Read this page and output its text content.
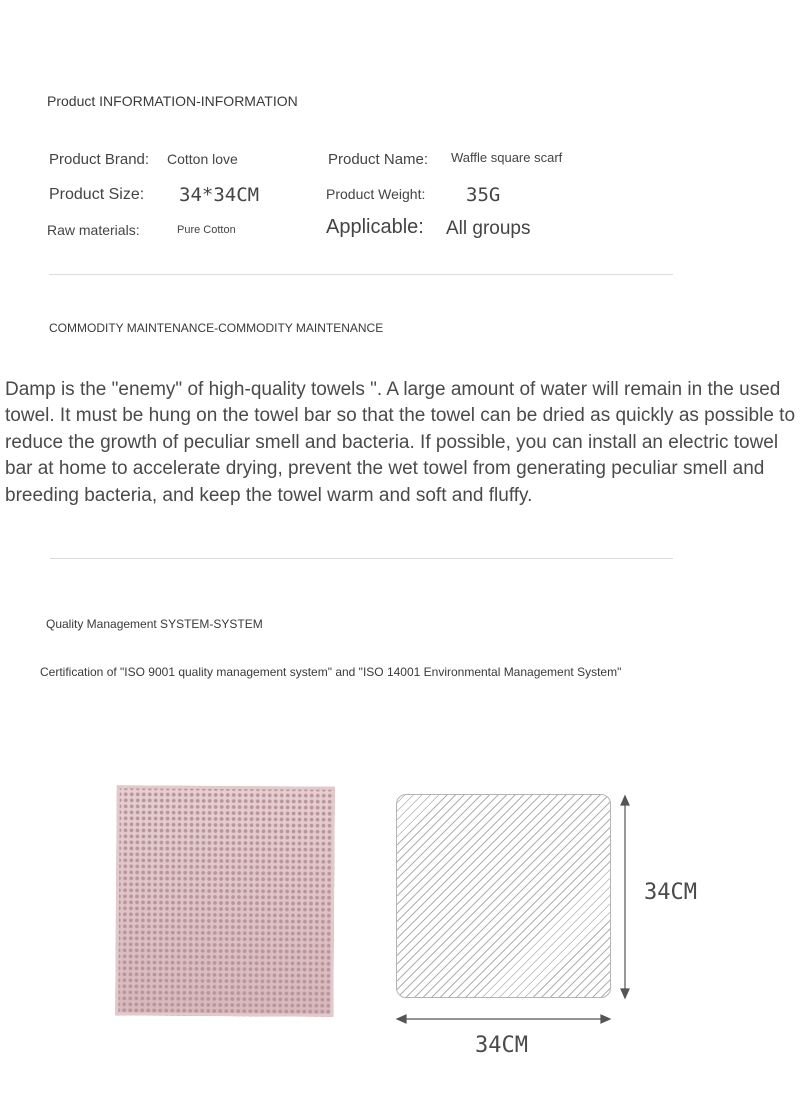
Product INFORMATION-INFORMATION
Product Brand: Cotton love	Product Name: Waffle square scarf
Product Size: 34*34CM	Product Weight: 35G
Raw materials:	Pure Cotton	Applicable: All groups
COMMODITY MAINTENANCE-COMMODITY MAINTENANCE
Damp is the "enemy" of high-quality towels ". A large amount of water will remain in the used towel. It must be hung on the towel bar so that the towel can be dried as quickly as possible to reduce the growth of peculiar smell and bacteria. If possible, you can install an electric towel bar at home to accelerate drying, prevent the wet towel from generating peculiar smell and breeding bacteria, and keep the towel warm and soft and fluffy.
Quality Management SYSTEM-SYSTEM
Certification of "ISO 9001 quality management system" and "ISO 14001 Environmental Management System"
34CM
34CM
